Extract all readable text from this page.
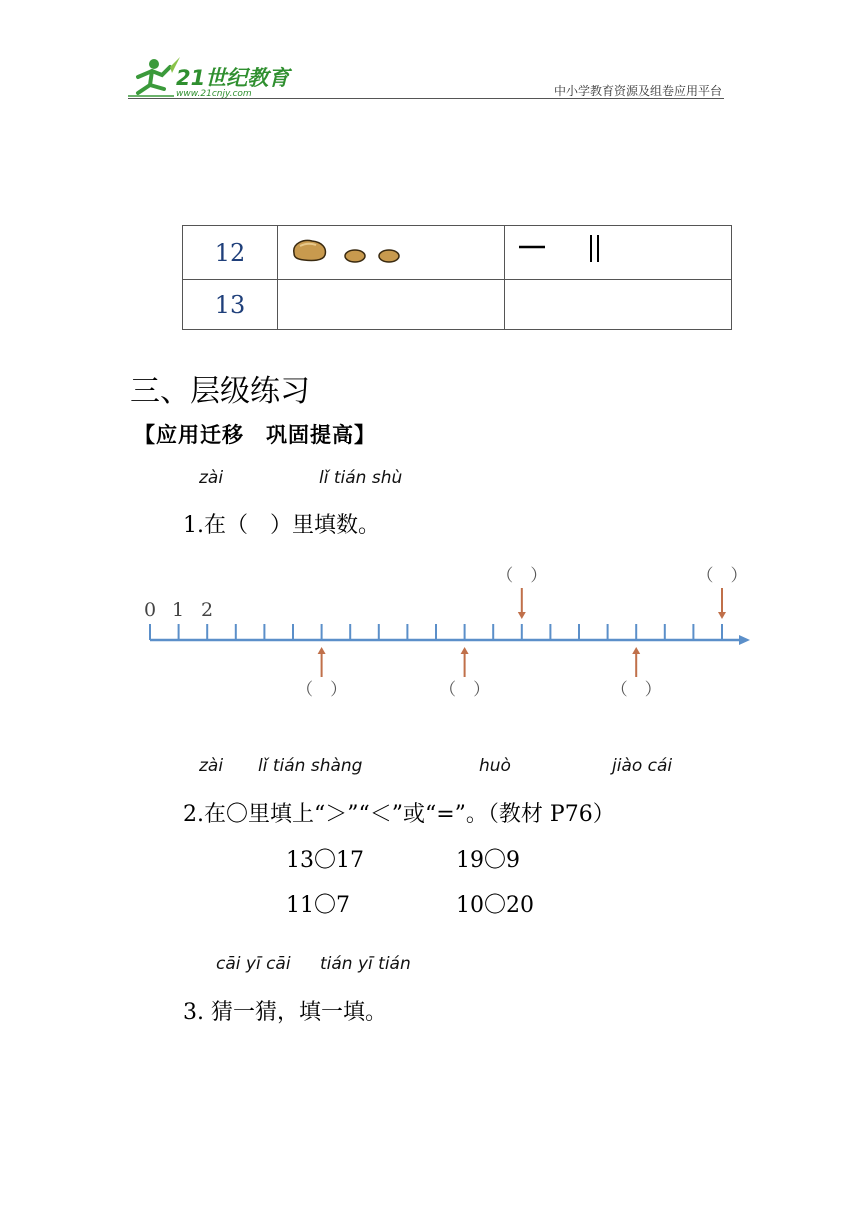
21世纪教育
www.21cnjy.com	中小学教育资源及组卷应用平台
12		
13		
三、层级练习
【应用迁移　巩固提高】
zài	lǐ tián shù
1.在（　）里填数。
0 1 2
（　）	（　）
（　）	（　）	（　）
zài lǐ tián shàng	huò	jiào cái
2.在〇里填上“＞”“＜”或“=”。（教材 P76）
13〇17	19〇9
11〇7	10〇20
cāi yī cāi tián yī tián
3. 猜一猜，填一填。
